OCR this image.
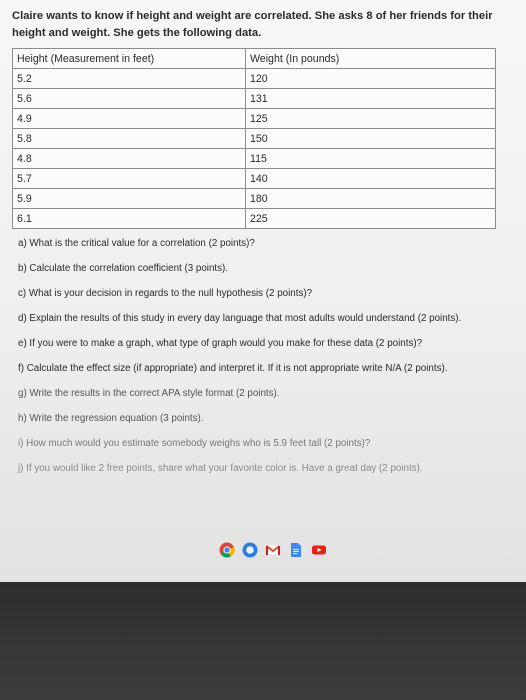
Claire wants to know if height and weight are correlated. She asks 8 of her friends for their height and weight. She gets the following data.
Height (Measurement in feet)	Weight (In pounds)
5.2	120
5.6	131
4.9	125
5.8	150
4.8	115
5.7	140
5.9	180
6.1	225
a) What is the critical value for a correlation (2 points)?
b) Calculate the correlation coefficient (3 points).
c) What is your decision in regards to the null hypothesis (2 points)?
d) Explain the results of this study in every day language that most adults would understand (2 points).
e) If you were to make a graph, what type of graph would you make for these data (2 points)?
f) Calculate the effect size (if appropriate) and interpret it. If it is not appropriate write N/A (2 points).
g) Write the results in the correct APA style format (2 points).
h) Write the regression equation (3 points).
i) How much would you estimate somebody weighs who is 5.9 feet tall (2 points)?
j) If you would like 2 free points, share what your favorite color is. Have a great day (2 points).
